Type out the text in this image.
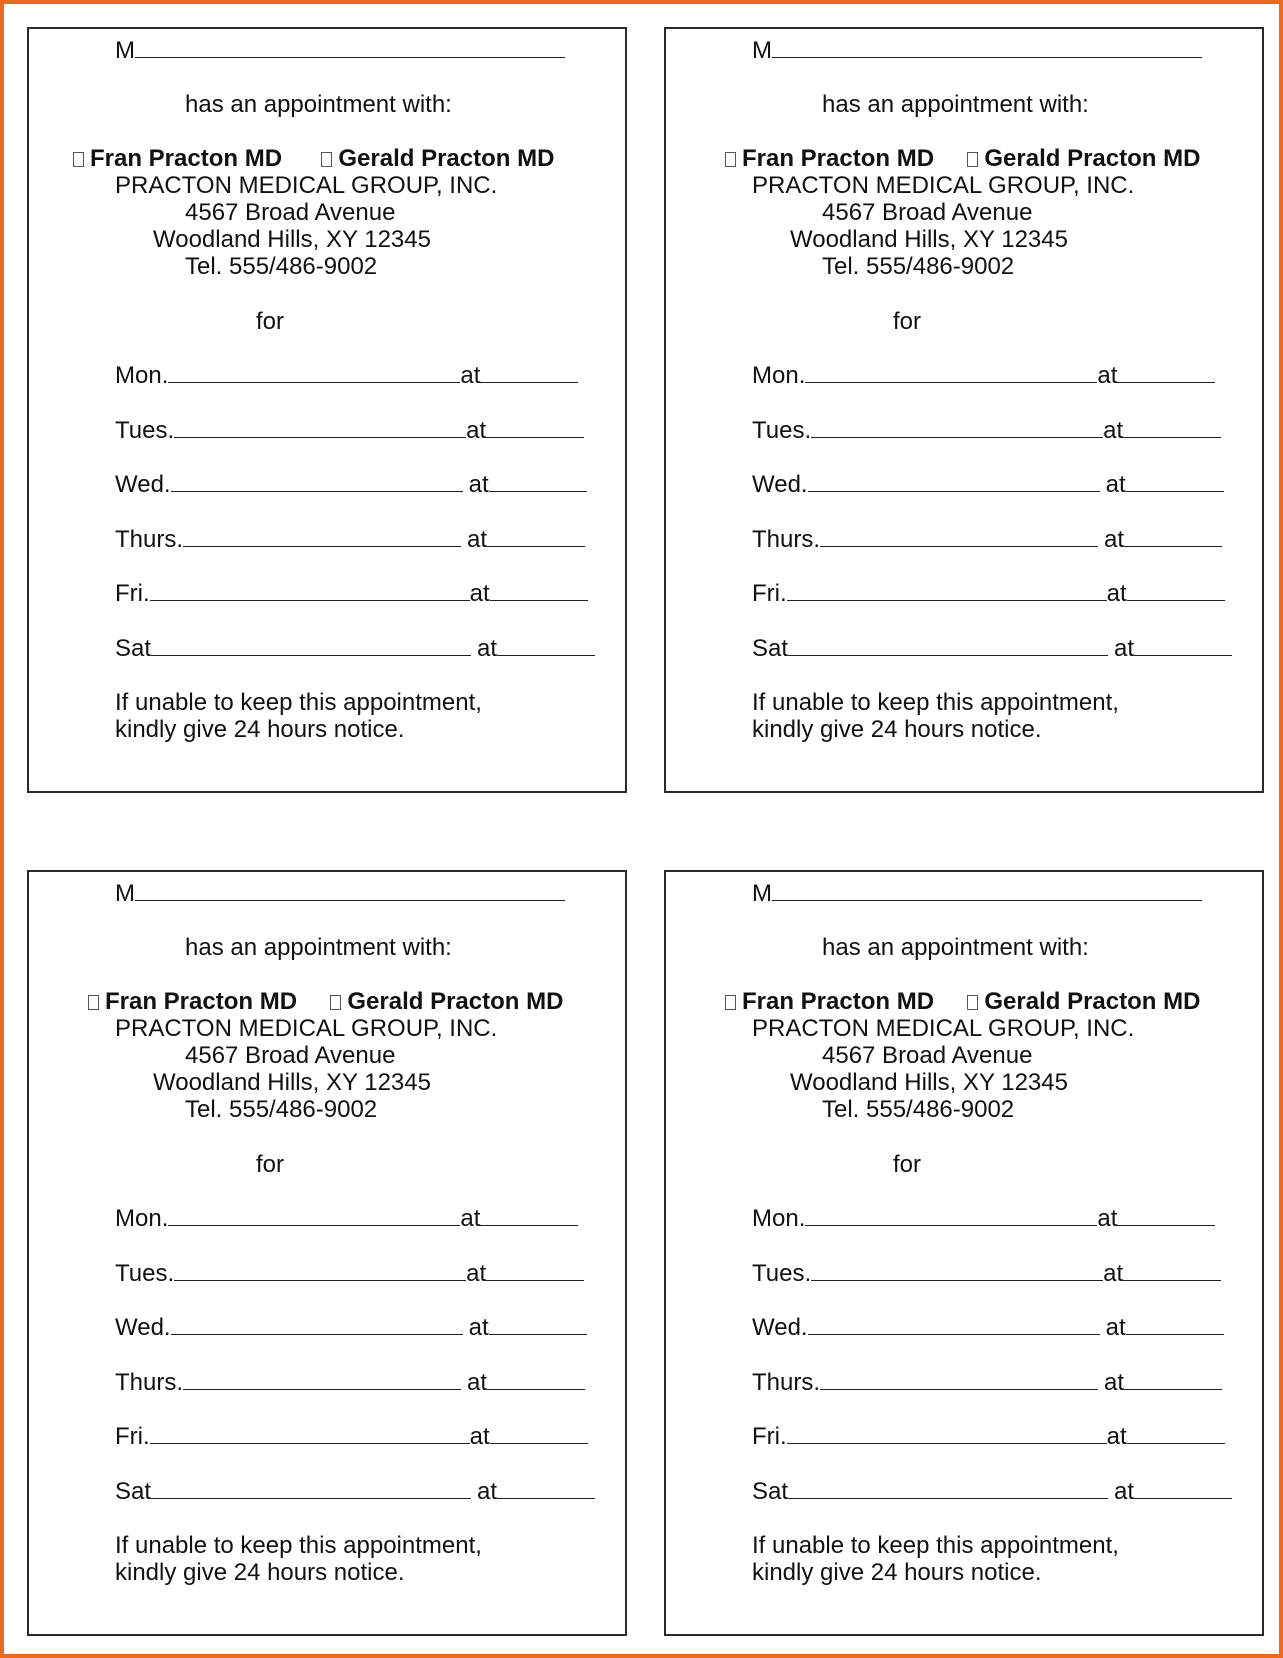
M
has an appointment with:
Fran Practon MD Gerald Practon MD
PRACTON MEDICAL GROUP, INC.
4567 Broad Avenue
Woodland Hills, XY 12345
Tel. 555/486-9002
for
Mon.	at
Tues.	at
Wed.	at
Thurs.	at
Fri.	at
Sat	at
If unable to keep this appointment,
kindly give 24 hours notice.
M
has an appointment with:
Fran Practon MD Gerald Practon MD
PRACTON MEDICAL GROUP, INC.
4567 Broad Avenue
Woodland Hills, XY 12345
Tel. 555/486-9002
for
Mon.	at
Tues.	at
Wed.	at
Thurs.	at
Fri.	at
Sat	at
If unable to keep this appointment,
kindly give 24 hours notice.
M
has an appointment with:
Fran Practon MD Gerald Practon MD
PRACTON MEDICAL GROUP, INC.
4567 Broad Avenue
Woodland Hills, XY 12345
Tel. 555/486-9002
for
Mon.	at
Tues.	at
Wed.	at
Thurs.	at
Fri.	at
Sat	at
If unable to keep this appointment,
kindly give 24 hours notice.
M
has an appointment with:
Fran Practon MD Gerald Practon MD
PRACTON MEDICAL GROUP, INC.
4567 Broad Avenue
Woodland Hills, XY 12345
Tel. 555/486-9002
for
Mon.	at
Tues.	at
Wed.	at
Thurs.	at
Fri.	at
Sat	at
If unable to keep this appointment,
kindly give 24 hours notice.
